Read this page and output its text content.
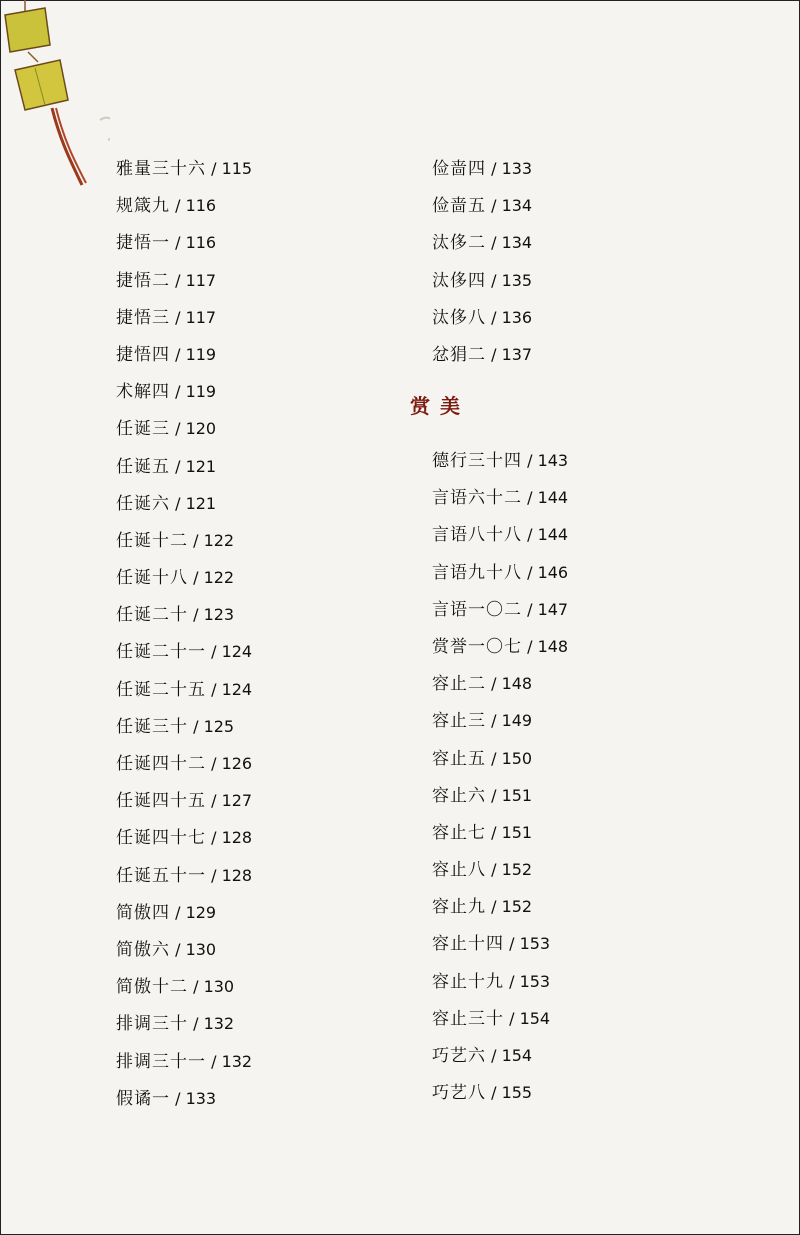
雅量三十六 / 115
规箴九 / 116
捷悟一 / 116
捷悟二 / 117
捷悟三 / 117
捷悟四 / 119
术解四 / 119
任诞三 / 120
任诞五 / 121
任诞六 / 121
任诞十二 / 122
任诞十八 / 122
任诞二十 / 123
任诞二十一 / 124
任诞二十五 / 124
任诞三十 / 125
任诞四十二 / 126
任诞四十五 / 127
任诞四十七 / 128
任诞五十一 / 128
简傲四 / 129
简傲六 / 130
简傲十二 / 130
排调三十 / 132
排调三十一 / 132
假谲一 / 133
俭啬四 / 133
俭啬五 / 134
汰侈二 / 134
汰侈四 / 135
汰侈八 / 136
忿狷二 / 137
赏美
德行三十四 / 143
言语六十二 / 144
言语八十八 / 144
言语九十八 / 146
言语一〇二 / 147
赏誉一〇七 / 148
容止二 / 148
容止三 / 149
容止五 / 150
容止六 / 151
容止七 / 151
容止八 / 152
容止九 / 152
容止十四 / 153
容止十九 / 153
容止三十 / 154
巧艺六 / 154
巧艺八 / 155
